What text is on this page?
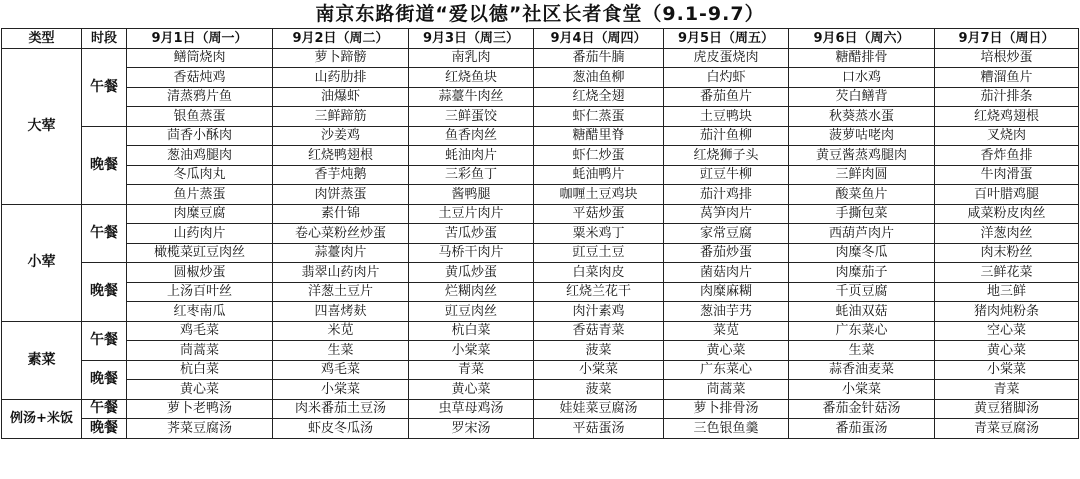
南京东路街道“爱以德”社区长者食堂（9.1-9.7）
类型	时段	9月1日（周一）	9月2日（周二）	9月3日（周三）	9月4日（周四）	9月5日（周五）	9月6日（周六）	9月7日（周日）
大荤	午餐	鳝筒烧肉	萝卜蹄髈	南乳肉	番茄牛腩	虎皮蛋烧肉	糖醋排骨	培根炒蛋
		香菇炖鸡	山药肋排	红烧鱼块	葱油鱼柳	白灼虾	口水鸡	糟溜鱼片
		清蒸鸦片鱼	油爆虾	蒜薹牛肉丝	红烧全翅	番茄鱼片	芡白鳝背	茄汁排条
		银鱼蒸蛋	三鲜蹄筋	三鲜蛋饺	虾仁蒸蛋	土豆鸭块	秋葵蒸水蛋	红烧鸡翅根
	晚餐	茴香小酥肉	沙姜鸡	鱼香肉丝	糖醋里脊	茄汁鱼柳	菠萝咕咾肉	叉烧肉
		葱油鸡腿肉	红烧鸭翅根	蚝油肉片	虾仁炒蛋	红烧狮子头	黄豆酱蒸鸡腿肉	香炸鱼排
		冬瓜肉丸	香芋炖鹅	三彩鱼丁	蚝油鸭片	豇豆牛柳	三鲜肉圆	牛肉滑蛋
		鱼片蒸蛋	肉饼蒸蛋	酱鸭腿	咖喱土豆鸡块	茄汁鸡排	酸菜鱼片	百叶腊鸡腿
小荤	午餐	肉糜豆腐	素什锦	土豆片肉片	平菇炒蛋	莴笋肉片	手撕包菜	咸菜粉皮肉丝
		山药肉片	卷心菜粉丝炒蛋	苦瓜炒蛋	粟米鸡丁	家常豆腐	西葫芦肉片	洋葱肉丝
		橄榄菜豇豆肉丝	蒜薹肉片	马桥干肉片	豇豆土豆	番茄炒蛋	肉糜冬瓜	肉末粉丝
	晚餐	圆椒炒蛋	翡翠山药肉片	黄瓜炒蛋	白菜肉皮	菌菇肉片	肉糜茄子	三鲜花菜
		上汤百叶丝	洋葱土豆片	烂糊肉丝	红烧兰花干	肉糜麻糊	千页豆腐	地三鲜
		红枣南瓜	四喜烤麸	豇豆肉丝	肉汁素鸡	葱油芋艿	蚝油双菇	猪肉炖粉条
素菜	午餐	鸡毛菜	米苋	杭白菜	香菇青菜	菜苋	广东菜心	空心菜
		茼蒿菜	生菜	小棠菜	菠菜	黄心菜	生菜	黄心菜
	晚餐	杭白菜	鸡毛菜	青菜	小棠菜	广东菜心	蒜香油麦菜	小棠菜
		黄心菜	小棠菜	黄心菜	菠菜	茼蒿菜	小棠菜	青菜
例汤+米饭	午餐	萝卜老鸭汤	肉米番茄土豆汤	虫草母鸡汤	娃娃菜豆腐汤	萝卜排骨汤	番茄金针菇汤	黄豆猪脚汤
	晚餐	荠菜豆腐汤	虾皮冬瓜汤	罗宋汤	平菇蛋汤	三色银鱼羹	番茄蛋汤	青菜豆腐汤
